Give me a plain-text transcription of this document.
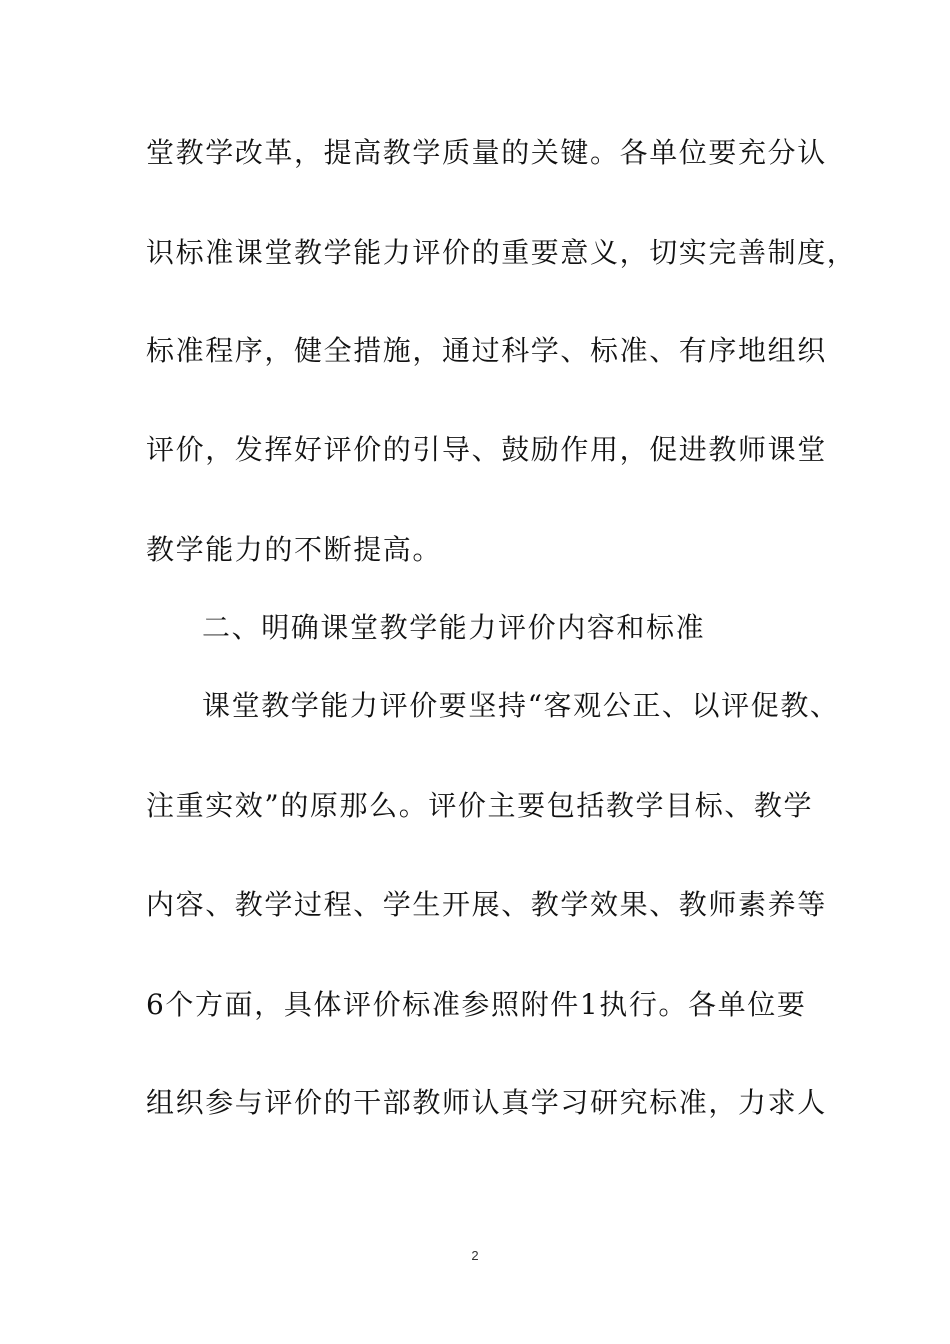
堂教学改革，提高教学质量的关键。各单位要充分认
识标准课堂教学能力评价的重要意义，切实完善制度，
标准程序，健全措施，通过科学、标准、有序地组织
评价，发挥好评价的引导、鼓励作用，促进教师课堂
教学能力的不断提高。
二、明确课堂教学能力评价内容和标准
课堂教学能力评价要坚持“客观公正、以评促教、
注重实效”的原那么。评价主要包括教学目标、教学
内容、教学过程、学生开展、教学效果、教师素养等
6个方面，具体评价标准参照附件1执行。各单位要
组织参与评价的干部教师认真学习研究标准，力求人
2
